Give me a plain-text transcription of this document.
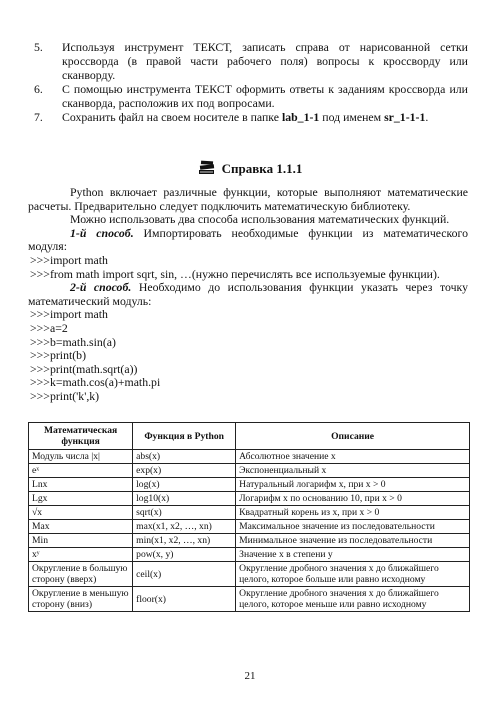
5.	Используя инструмент ТЕКСТ, записать справа от нарисованной сетки кроссворда (в правой части рабочего поля) вопросы к кроссворду или сканворду.
6.	С помощью инструмента ТЕКСТ оформить ответы к заданиям кроссворда или сканворда, расположив их под вопросами.
7.	Сохранить файл на своем носителе в папке lab_1-1 под именем sr_1-1-1.
Справка 1.1.1

Python включает различные функции, которые выполняют математические расчеты. Предварительно следует подключить математическую библиотеку.

Можно использовать два способа использования математических функций.

1-й способ. Импортировать необходимые функции из математического модуля:

>>>import math

>>>from math import sqrt, sin, …(нужно перечислять все используемые функции).

2-й способ. Необходимо до использования функции указать через точку математический модуль:

>>>import math

>>>a=2

>>>b=math.sin(a)

>>>print(b)

>>>print(math.sqrt(a))

>>>k=math.cos(a)+math.pi

>>>print('k',k)

Математическая функция	Функция в Python	Описание
Модуль числа |x|	abs(x)	Абсолютное значение x
eˣ	exp(x)	Экспоненциальный x
Lnx	log(x)	Натуральный логарифм x, при x > 0
Lgx	log10(x)	Логарифм x по основанию 10, при x > 0
√x	sqrt(x)	Квадратный корень из x, при x > 0
Max	max(x1, x2, …, xn)	Максимальное значение из последовательности
Min	min(x1, x2, …, xn)	Минимальное значение из последовательности
xʸ	pow(x, y)	Значение x в степени y
Округление в большую сторону (вверх)	ceil(x)	Округление дробного значения x до ближайшего целого, которое больше или равно исходному
Округление в меньшую сторону (вниз)	floor(x)	Округление дробного значения x до ближайшего целого, которое меньше или равно исходному
21
